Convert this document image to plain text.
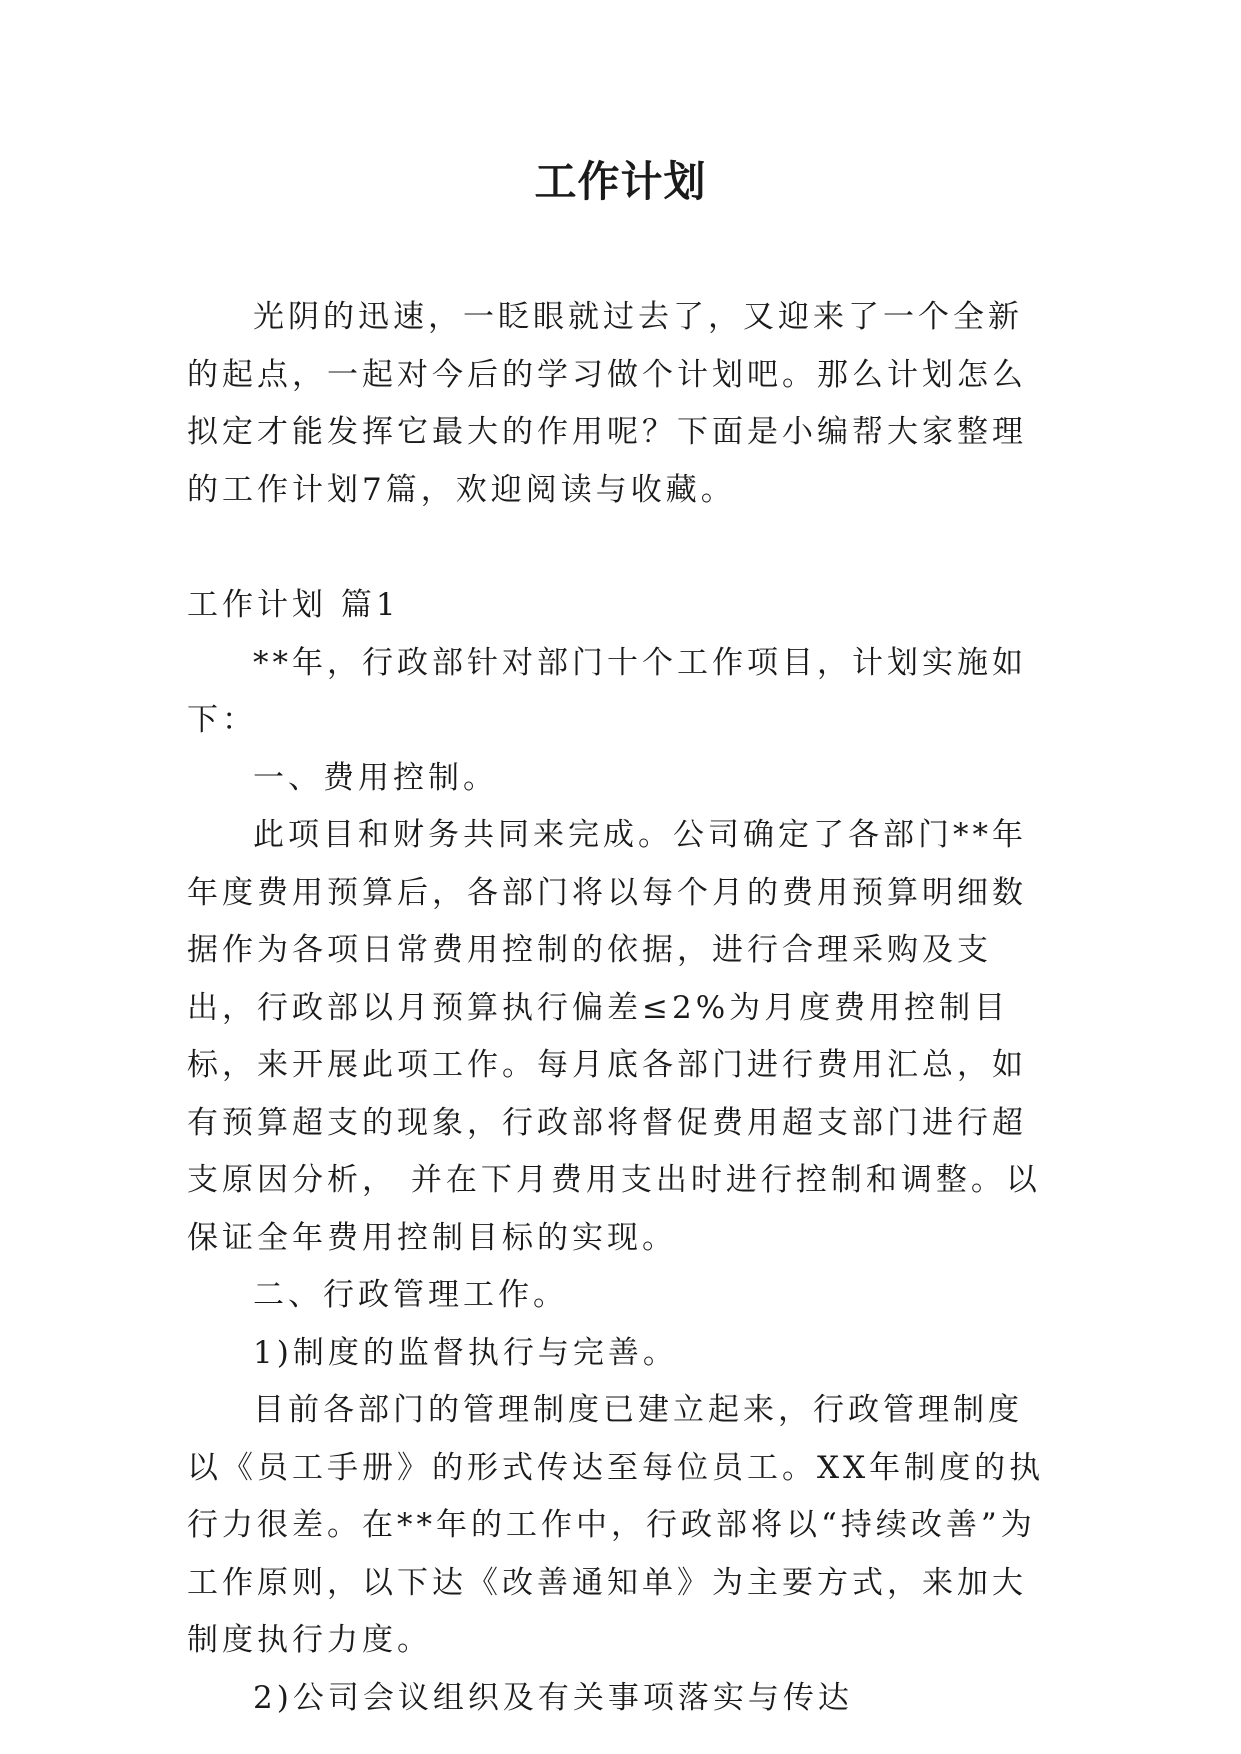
工作计划

光阴的迅速，一眨眼就过去了，又迎来了一个全新的起点，一起对今后的学习做个计划吧。那么计划怎么拟定才能发挥它最大的作用呢？下面是小编帮大家整理的工作计划7篇，欢迎阅读与收藏。

工作计划 篇1

**年，行政部针对部门十个工作项目，计划实施如下：

一、费用控制。

此项目和财务共同来完成。公司确定了各部门**年年度费用预算后，各部门将以每个月的费用预算明细数据作为各项日常费用控制的依据，进行合理采购及支出，行政部以月预算执行偏差≤2%为月度费用控制目标，来开展此项工作。每月底各部门进行费用汇总，如有预算超支的现象，行政部将督促费用超支部门进行超支原因分析， 并在下月费用支出时进行控制和调整。以保证全年费用控制目标的实现。

二、行政管理工作。

1)制度的监督执行与完善。

目前各部门的管理制度已建立起来，行政管理制度以《员工手册》的形式传达至每位员工。XX年制度的执行力很差。在**年的工作中，行政部将以“持续改善”为工作原则，以下达《改善通知单》为主要方式，来加大制度执行力度。

2)公司会议组织及有关事项落实与传达
